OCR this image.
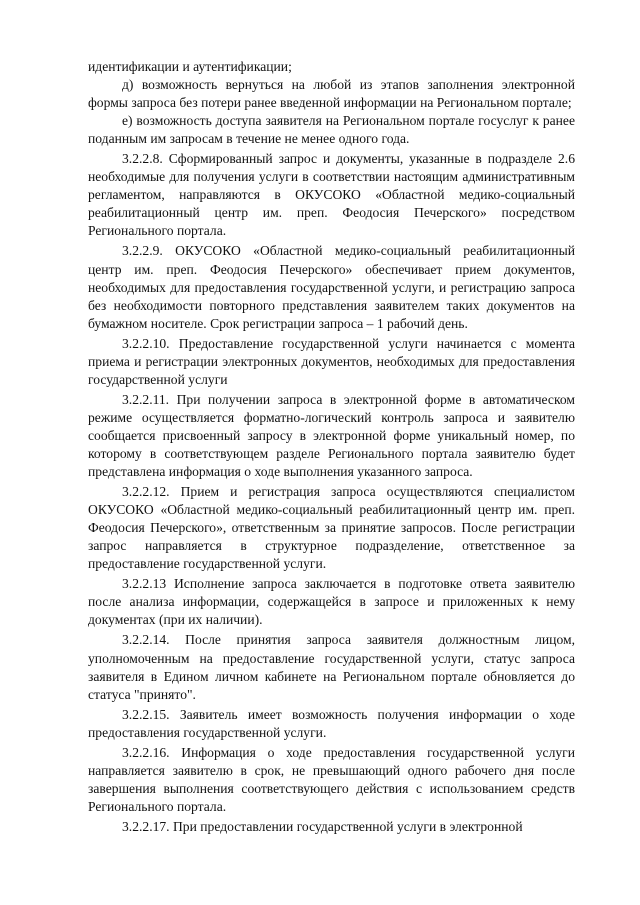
идентификации и аутентификации;

д) возможность вернуться на любой из этапов заполнения электронной формы запроса без потери ранее введенной информации на Региональном портале;

е) возможность доступа заявителя на Региональном портале госуслуг к ранее поданным им запросам в течение не менее одного года.

3.2.2.8. Сформированный запрос и документы, указанные в подразделе 2.6 необходимые для получения услуги в соответствии настоящим административным регламентом, направляются в ОКУСОКО «Областной медико-социальный реабилитационный центр им. преп. Феодосия Печерского» посредством Регионального портала.

3.2.2.9. ОКУСОКО «Областной медико-социальный реабилитационный центр им. преп. Феодосия Печерского» обеспечивает прием документов, необходимых для предоставления государственной услуги, и регистрацию запроса без необходимости повторного представления заявителем таких документов на бумажном носителе. Срок регистрации запроса – 1 рабочий день.

3.2.2.10. Предоставление государственной услуги начинается с момента приема и регистрации электронных документов, необходимых для предоставления государственной услуги

3.2.2.11. При получении запроса в электронной форме в автоматическом режиме осуществляется форматно-логический контроль запроса и заявителю сообщается присвоенный запросу в электронной форме уникальный номер, по которому в соответствующем разделе Регионального портала заявителю будет представлена информация о ходе выполнения указанного запроса.

3.2.2.12. Прием и регистрация запроса осуществляются специалистом ОКУСОКО «Областной медико-социальный реабилитационный центр им. преп. Феодосия Печерского», ответственным за принятие запросов. После регистрации запрос направляется в структурное подразделение, ответственное за предоставление государственной услуги.

3.2.2.13 Исполнение запроса заключается в подготовке ответа заявителю после анализа информации, содержащейся в запросе и приложенных к нему документах (при их наличии).

3.2.2.14. После принятия запроса заявителя должностным лицом, уполномоченным на предоставление государственной услуги, статус запроса заявителя в Едином личном кабинете на Региональном портале обновляется до статуса "принято".

3.2.2.15. Заявитель имеет возможность получения информации о ходе предоставления государственной услуги.

3.2.2.16. Информация о ходе предоставления государственной услуги направляется заявителю в срок, не превышающий одного рабочего дня после завершения выполнения соответствующего действия с использованием средств Регионального портала.

3.2.2.17. При предоставлении государственной услуги в электронной
